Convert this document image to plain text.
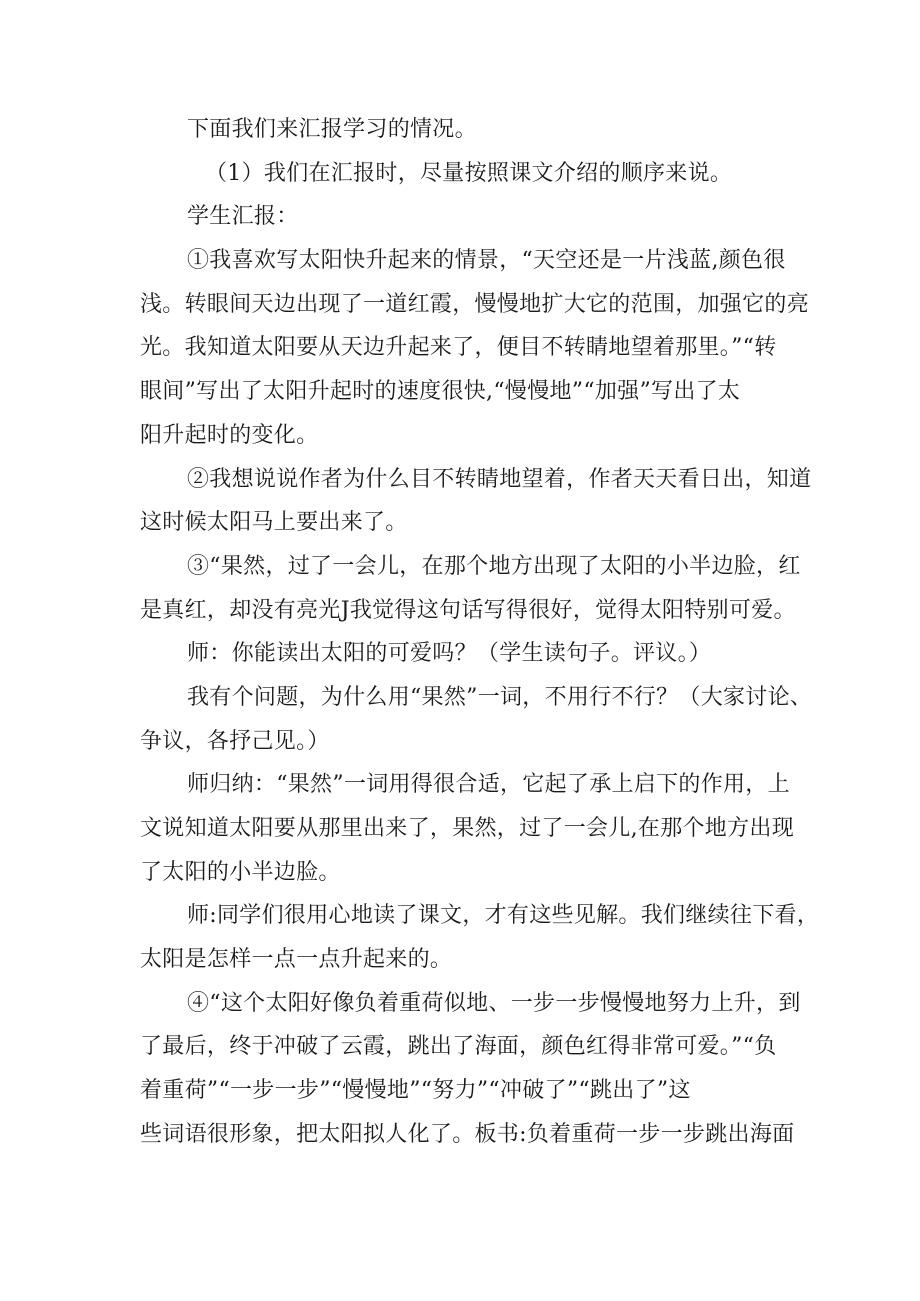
下面我们来汇报学习的情况。
（1）我们在汇报时，尽量按照课文介绍的顺序来说。
学生汇报：
①我喜欢写太阳快升起来的情景，“天空还是一片浅蓝,颜色很
浅。转眼间天边出现了一道红霞，慢慢地扩大它的范围，加强它的亮
光。我知道太阳要从天边升起来了，便目不转睛地望着那里。”“转
眼间”写出了太阳升起时的速度很快,“慢慢地”“加强”写出了太
阳升起时的变化。
②我想说说作者为什么目不转睛地望着，作者天天看日出，知道
这时候太阳马上要出来了。
③“果然，过了一会儿，在那个地方出现了太阳的小半边脸，红
是真红，却没有亮光J我觉得这句话写得很好，觉得太阳特别可爱。
师：你能读出太阳的可爱吗？（学生读句子。评议。）
我有个问题，为什么用“果然”一词，不用行不行？（大家讨论、
争议，各抒己见。）
师归纳：“果然”一词用得很合适，它起了承上启下的作用，上
文说知道太阳要从那里出来了，果然，过了一会儿,在那个地方出现
了太阳的小半边脸。
师:同学们很用心地读了课文，才有这些见解。我们继续往下看，
太阳是怎样一点一点升起来的。
④“这个太阳好像负着重荷似地、一步一步慢慢地努力上升，到
了最后，终于冲破了云霞，跳出了海面，颜色红得非常可爱。”“负
着重荷”“一步一步”“慢慢地”“努力”“冲破了”“跳出了”这
些词语很形象，把太阳拟人化了。板书:负着重荷一步一步跳出海面
